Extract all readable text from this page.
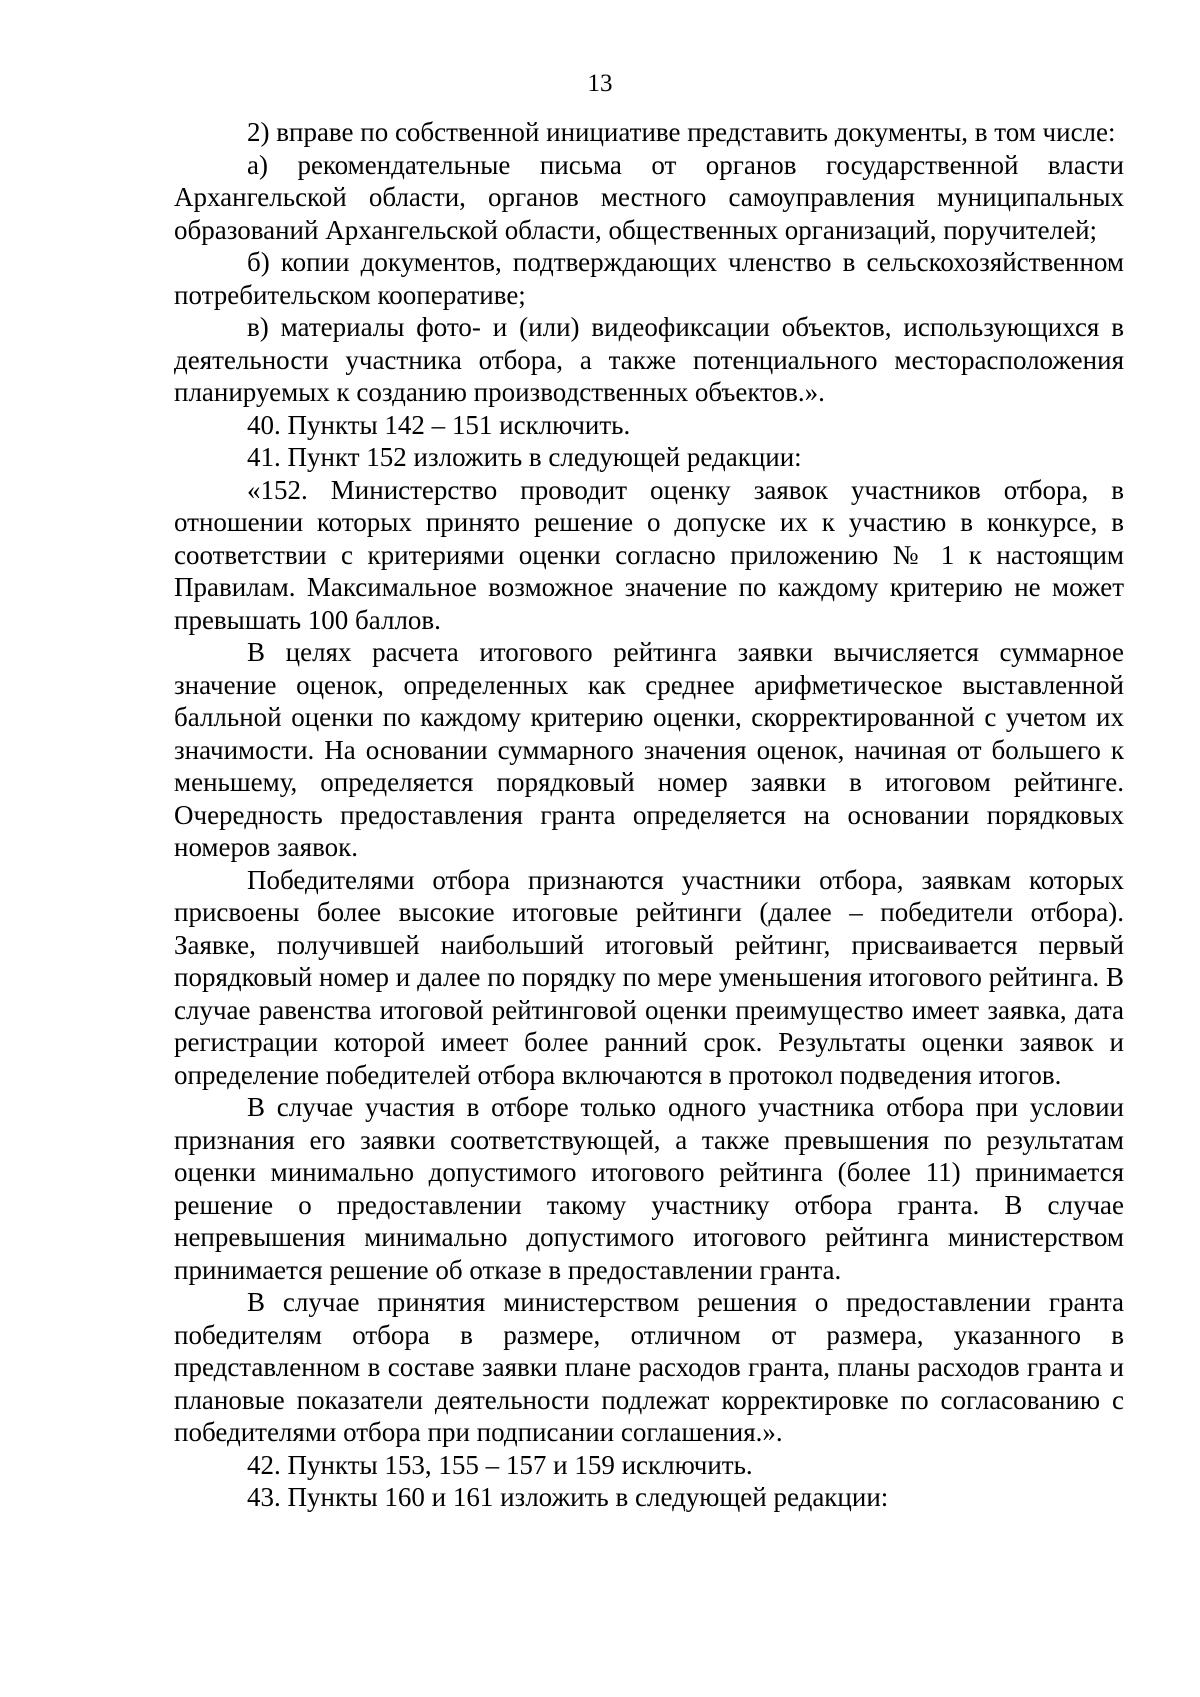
13

2) вправе по собственной инициативе представить документы, в том числе:

а) рекомендательные письма от органов государственной власти Архангельской области, органов местного самоуправления муниципальных образований Архангельской области, общественных организаций, поручителей;

б) копии документов, подтверждающих членство в сельскохозяйственном потребительском кооперативе;

в) материалы фото- и (или) видеофиксации объектов, использующихся в деятельности участника отбора, а также потенциального месторасположения планируемых к созданию производственных объектов.».

40. Пункты 142 – 151 исключить.

41. Пункт 152 изложить в следующей редакции:

«152. Министерство проводит оценку заявок участников отбора, в отношении которых принято решение о допуске их к участию в конкурсе, в соответствии с критериями оценки согласно приложению № 1 к настоящим Правилам. Максимальное возможное значение по каждому критерию не может превышать 100 баллов.

В целях расчета итогового рейтинга заявки вычисляется суммарное значение оценок, определенных как среднее арифметическое выставленной балльной оценки по каждому критерию оценки, скорректированной с учетом их значимости. На основании суммарного значения оценок, начиная от большего к меньшему, определяется порядковый номер заявки в итоговом рейтинге. Очередность предоставления гранта определяется на основании порядковых номеров заявок.

Победителями отбора признаются участники отбора, заявкам которых присвоены более высокие итоговые рейтинги (далее – победители отбора). Заявке, получившей наибольший итоговый рейтинг, присваивается первый порядковый номер и далее по порядку по мере уменьшения итогового рейтинга. В случае равенства итоговой рейтинговой оценки преимущество имеет заявка, дата регистрации которой имеет более ранний срок. Результаты оценки заявок и определение победителей отбора включаются в протокол подведения итогов.

В случае участия в отборе только одного участника отбора при условии признания его заявки соответствующей, а также превышения по результатам оценки минимально допустимого итогового рейтинга (более 11) принимается решение о предоставлении такому участнику отбора гранта. В случае непревышения минимально допустимого итогового рейтинга министерством принимается решение об отказе в предоставлении гранта.

В случае принятия министерством решения о предоставлении гранта победителям отбора в размере, отличном от размера, указанного в представленном в составе заявки плане расходов гранта, планы расходов гранта и плановые показатели деятельности подлежат корректировке по согласованию с победителями отбора при подписании соглашения.».

42. Пункты 153, 155 – 157 и 159 исключить.

43. Пункты 160 и 161 изложить в следующей редакции:
